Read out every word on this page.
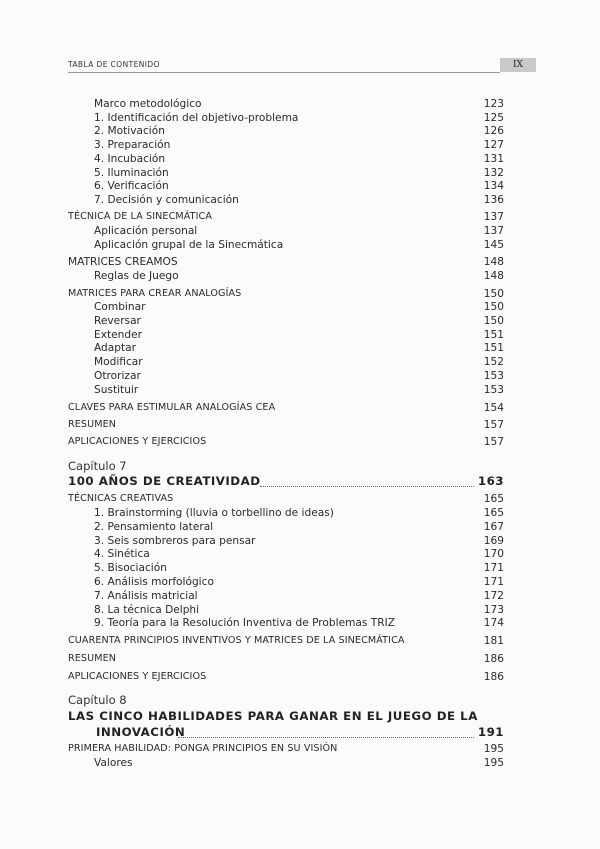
TABLA DE CONTENIDO	IX
Marco metodológico	123
1. Identificación del objetivo-problema	125
2. Motivación	126
3. Preparación	127
4. Incubación	131
5. Iluminación	132
6. Verificación	134
7. Decisión y comunicación	136
TÉCNICA DE LA SINECMÁTICA	137
Aplicación personal	137
Aplicación grupal de la Sinecmática	145
MATRICES CREAMOS	148
Reglas de Juego	148
MATRICES PARA CREAR ANALOGÍAS	150
Combinar	150
Reversar	150
Extender	151
Adaptar	151
Modificar	152
Otrorizar	153
Sustituir	153
CLAVES PARA ESTIMULAR ANALOGÍAS CEA	154
RESUMEN	157
APLICACIONES Y EJERCICIOS	157
Capítulo 7
100 AÑOS DE CREATIVIDAD	163
TÉCNICAS CREATIVAS	165
1. Brainstorming (lluvia o torbellino de ideas)	165
2. Pensamiento lateral	167
3. Seis sombreros para pensar	169
4. Sinética	170
5. Bisociación	171
6. Análisis morfológico	171
7. Análisis matricial	172
8. La técnica Delphi	173
9. Teoría para la Resolución Inventiva de Problemas TRIZ	174
CUARENTA PRINCIPIOS INVENTIVOS Y MATRICES DE LA SINECMÁTICA	181
RESUMEN	186
APLICACIONES Y EJERCICIOS	186
Capítulo 8
LAS CINCO HABILIDADES PARA GANAR EN EL JUEGO DE LA
INNOVACIÓN	191
PRIMERA HABILIDAD: PONGA PRINCIPIOS EN SU VISIÓN	195
Valores	195
